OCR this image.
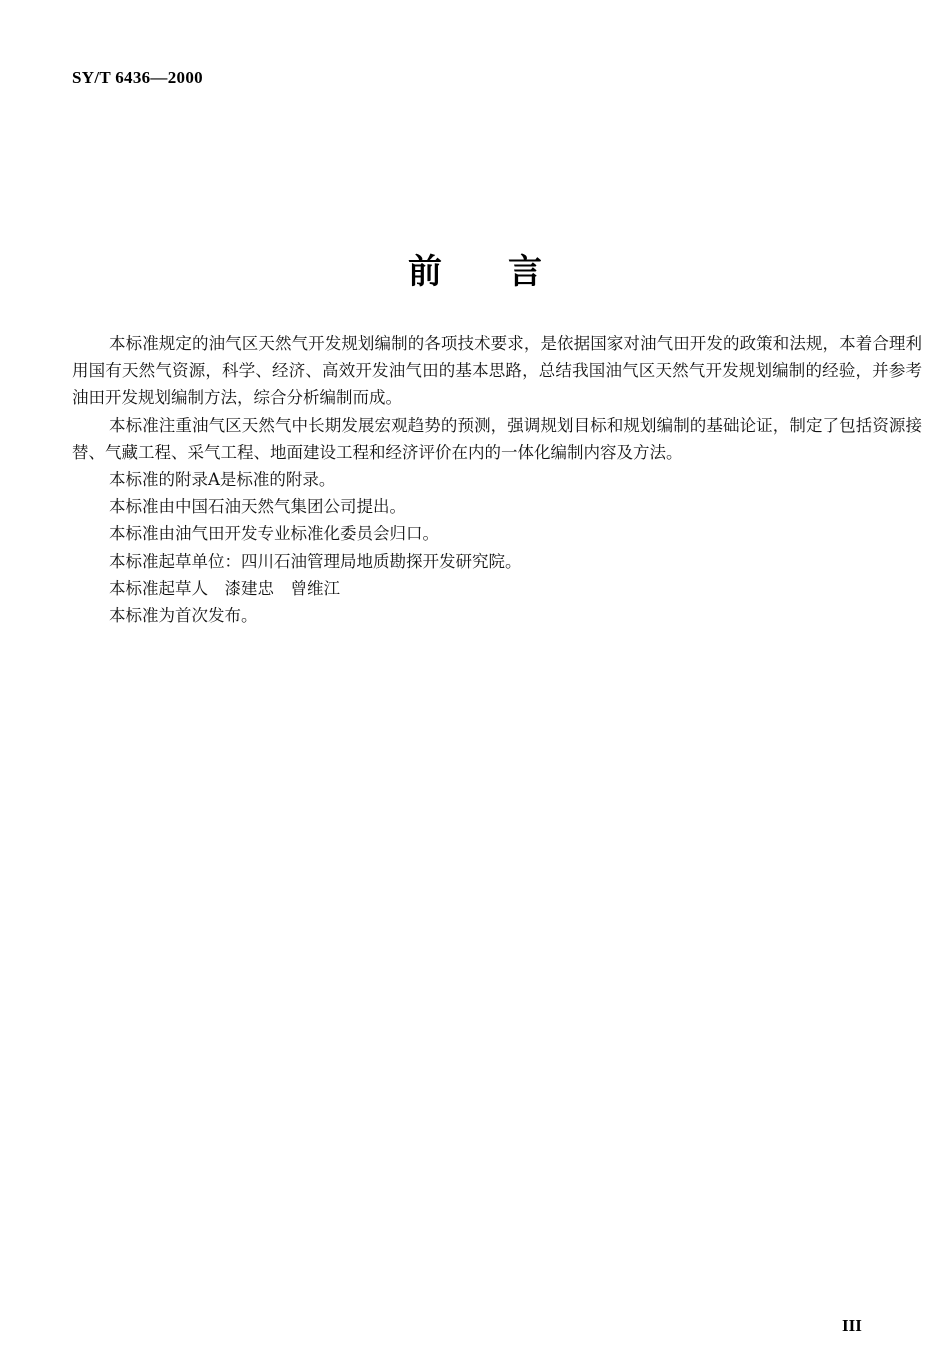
SY/T 6436—2000
前 言

本标准规定的油气区天然气开发规划编制的各项技术要求，是依据国家对油气田开发的政策和法规，本着合理利用国有天然气资源，科学、经济、高效开发油气田的基本思路，总结我国油气区天然气开发规划编制的经验，并参考油田开发规划编制方法，综合分析编制而成。

本标准注重油气区天然气中长期发展宏观趋势的预测，强调规划目标和规划编制的基础论证，制定了包括资源接替、气藏工程、采气工程、地面建设工程和经济评价在内的一体化编制内容及方法。

本标准的附录A是标准的附录。

本标准由中国石油天然气集团公司提出。

本标准由油气田开发专业标准化委员会归口。

本标准起草单位：四川石油管理局地质勘探开发研究院。

本标准起草人　漆建忠　曾维江

本标准为首次发布。

III
